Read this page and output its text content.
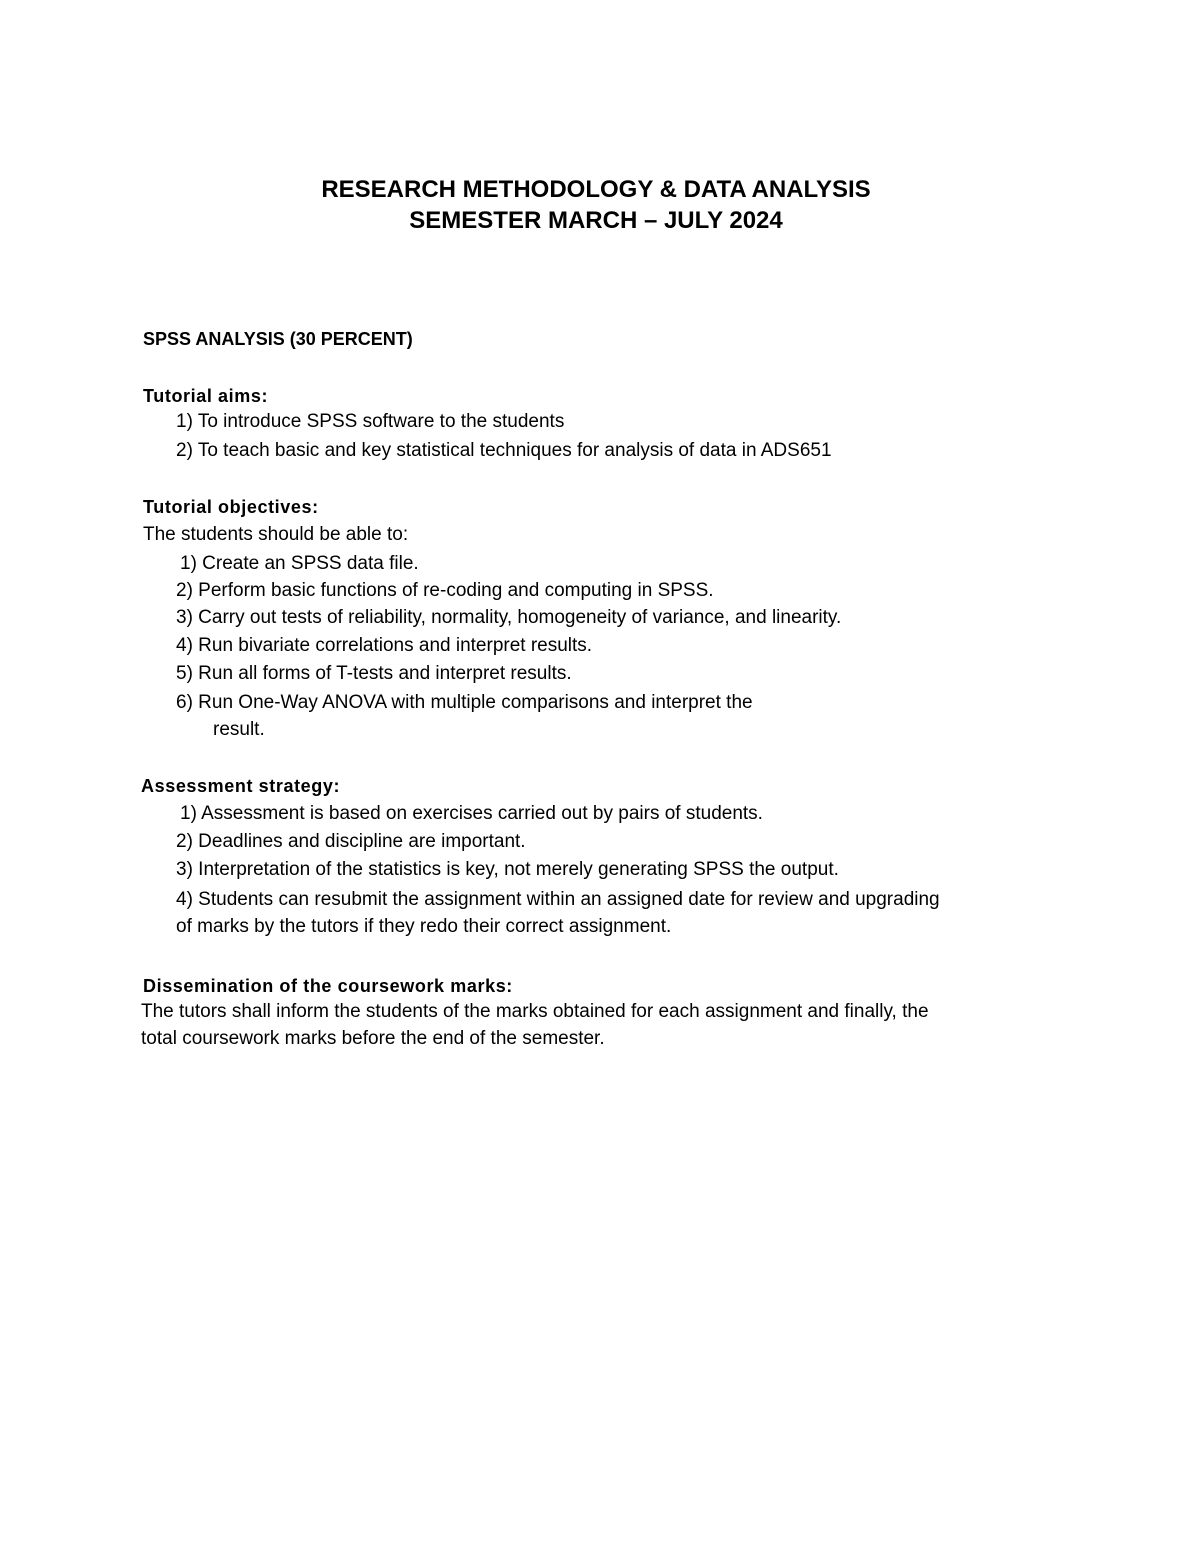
RESEARCH METHODOLOGY & DATA ANALYSIS
SEMESTER MARCH – JULY 2024
SPSS ANALYSIS (30 PERCENT)
Tutorial aims:
1) To introduce SPSS software to the students
2) To teach basic and key statistical techniques for analysis of data in ADS651
Tutorial objectives:
The students should be able to:
1) Create an SPSS data file.
2) Perform basic functions of re-coding and computing in SPSS.
3) Carry out tests of reliability, normality, homogeneity of variance, and linearity.
4) Run bivariate correlations and interpret results.
5) Run all forms of T-tests and interpret results.
6) Run One-Way ANOVA with multiple comparisons and interpret the
result.
Assessment strategy:
1) Assessment is based on exercises carried out by pairs of students.
2) Deadlines and discipline are important.
3) Interpretation of the statistics is key, not merely generating SPSS the output.
4) Students can resubmit the assignment within an assigned date for review and upgrading
of marks by the tutors if they redo their correct assignment.
Dissemination of the coursework marks:
The tutors shall inform the students of the marks obtained for each assignment and finally, the
total coursework marks before the end of the semester.
